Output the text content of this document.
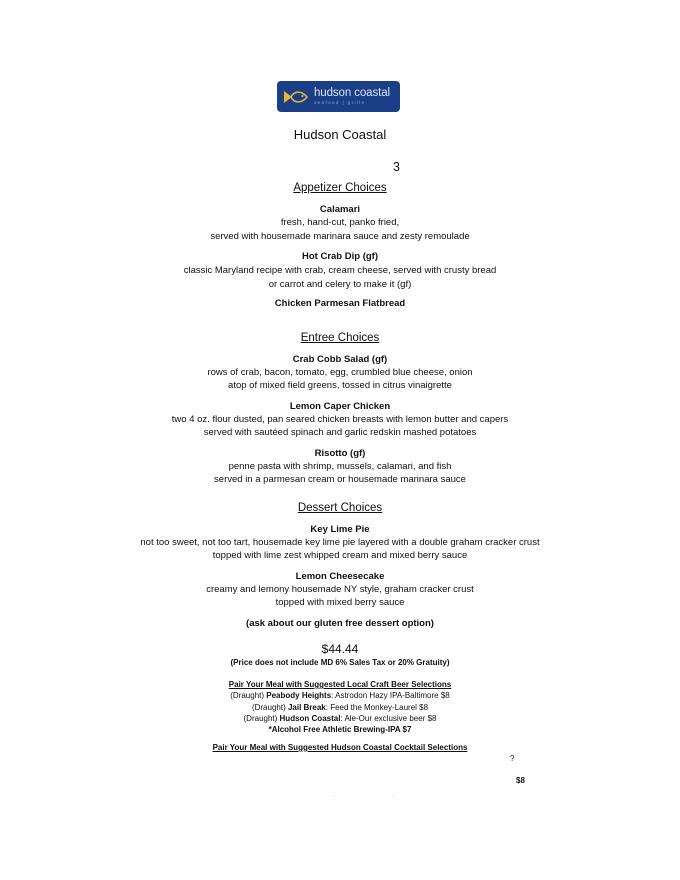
hudson coastal
seafood | grille
Hudson Coastal
3
Appetizer Choices
Calamari
fresh, hand-cut, panko fried,
served with housemade marinara sauce and zesty remoulade
Hot Crab Dip (gf)
classic Maryland recipe with crab, cream cheese, served with crusty bread
or carrot and celery to make it (gf)
Chicken Parmesan Flatbread
Entree Choices
Crab Cobb Salad (gf)
rows of crab, bacon, tomato, egg, crumbled blue cheese, onion
atop of mixed field greens, tossed in citrus vinaigrette
Lemon Caper Chicken
two 4 oz. flour dusted, pan seared chicken breasts with lemon butter and capers
served with sautéed spinach and garlic redskin mashed potatoes
Risotto (gf)
penne pasta with shrimp, mussels, calamari, and fish
served in a parmesan cream or housemade marinara sauce
Dessert Choices
Key Lime Pie
not too sweet, not too tart, housemade key lime pie layered with a double graham cracker crust
topped with lime zest whipped cream and mixed berry sauce
Lemon Cheesecake
creamy and lemony housemade NY style, graham cracker crust
topped with mixed berry sauce
(ask about our gluten free dessert option)
$44.44
(Price does not include MD 6% Sales Tax or 20% Gratuity)
Pair Your Meal with Suggested Local Craft Beer Selections
(Draught) Peabody Heights: Astrodon Hazy IPA-Baltimore $8
(Draught) Jail Break: Feed the Monkey-Laurel $8
(Draught) Hudson Coastal: Ale-Our exclusive beer $8
*Alcohol Free Athletic Brewing-IPA $7
Pair Your Meal with Suggested Hudson Coastal Cocktail Selections
?
$8
·	·
